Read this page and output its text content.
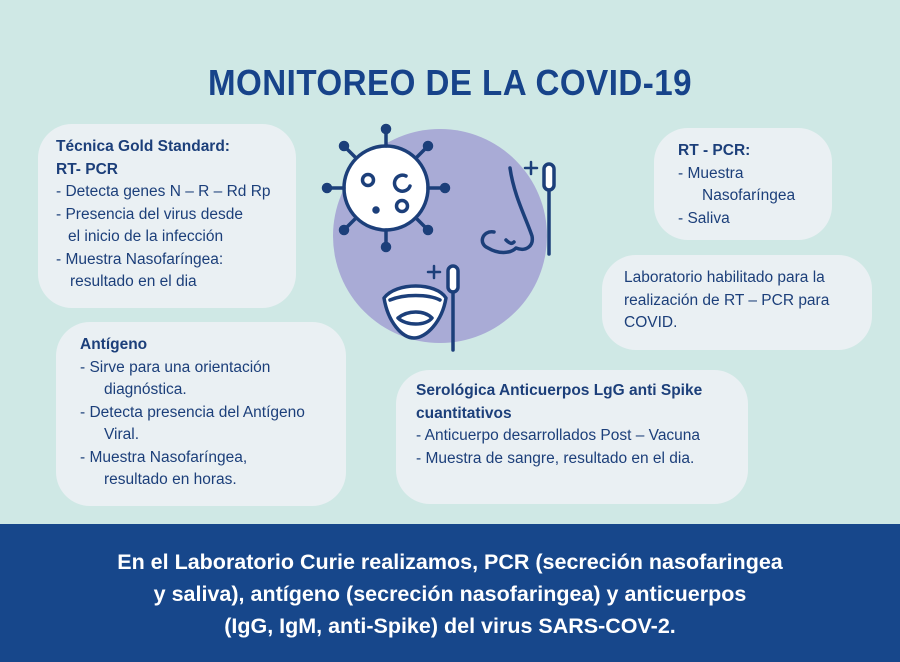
MONITOREO DE LA COVID-19
Técnica Gold Standard:
RT- PCR
- Detecta genes N – R – Rd Rp
- Presencia del virus desde
el inicio de la infección
- Muestra Nasofaríngea:
resultado en el dia
Antígeno
- Sirve para una orientación
diagnóstica.
- Detecta presencia del Antígeno
Viral.
- Muestra Nasofaríngea,
resultado en horas.
RT - PCR:
- Muestra
Nasofaríngea
- Saliva
Laboratorio habilitado para la
realización de RT – PCR para
COVID.
Serológica Anticuerpos LgG anti Spike
cuantitativos
- Anticuerpo desarrollados Post – Vacuna
- Muestra de sangre, resultado en el dia.
En el Laboratorio Curie realizamos, PCR (secreción nasofaringea
y saliva), antígeno (secreción nasofaringea) y anticuerpos
(IgG, IgM, anti-Spike) del virus SARS-COV-2.
